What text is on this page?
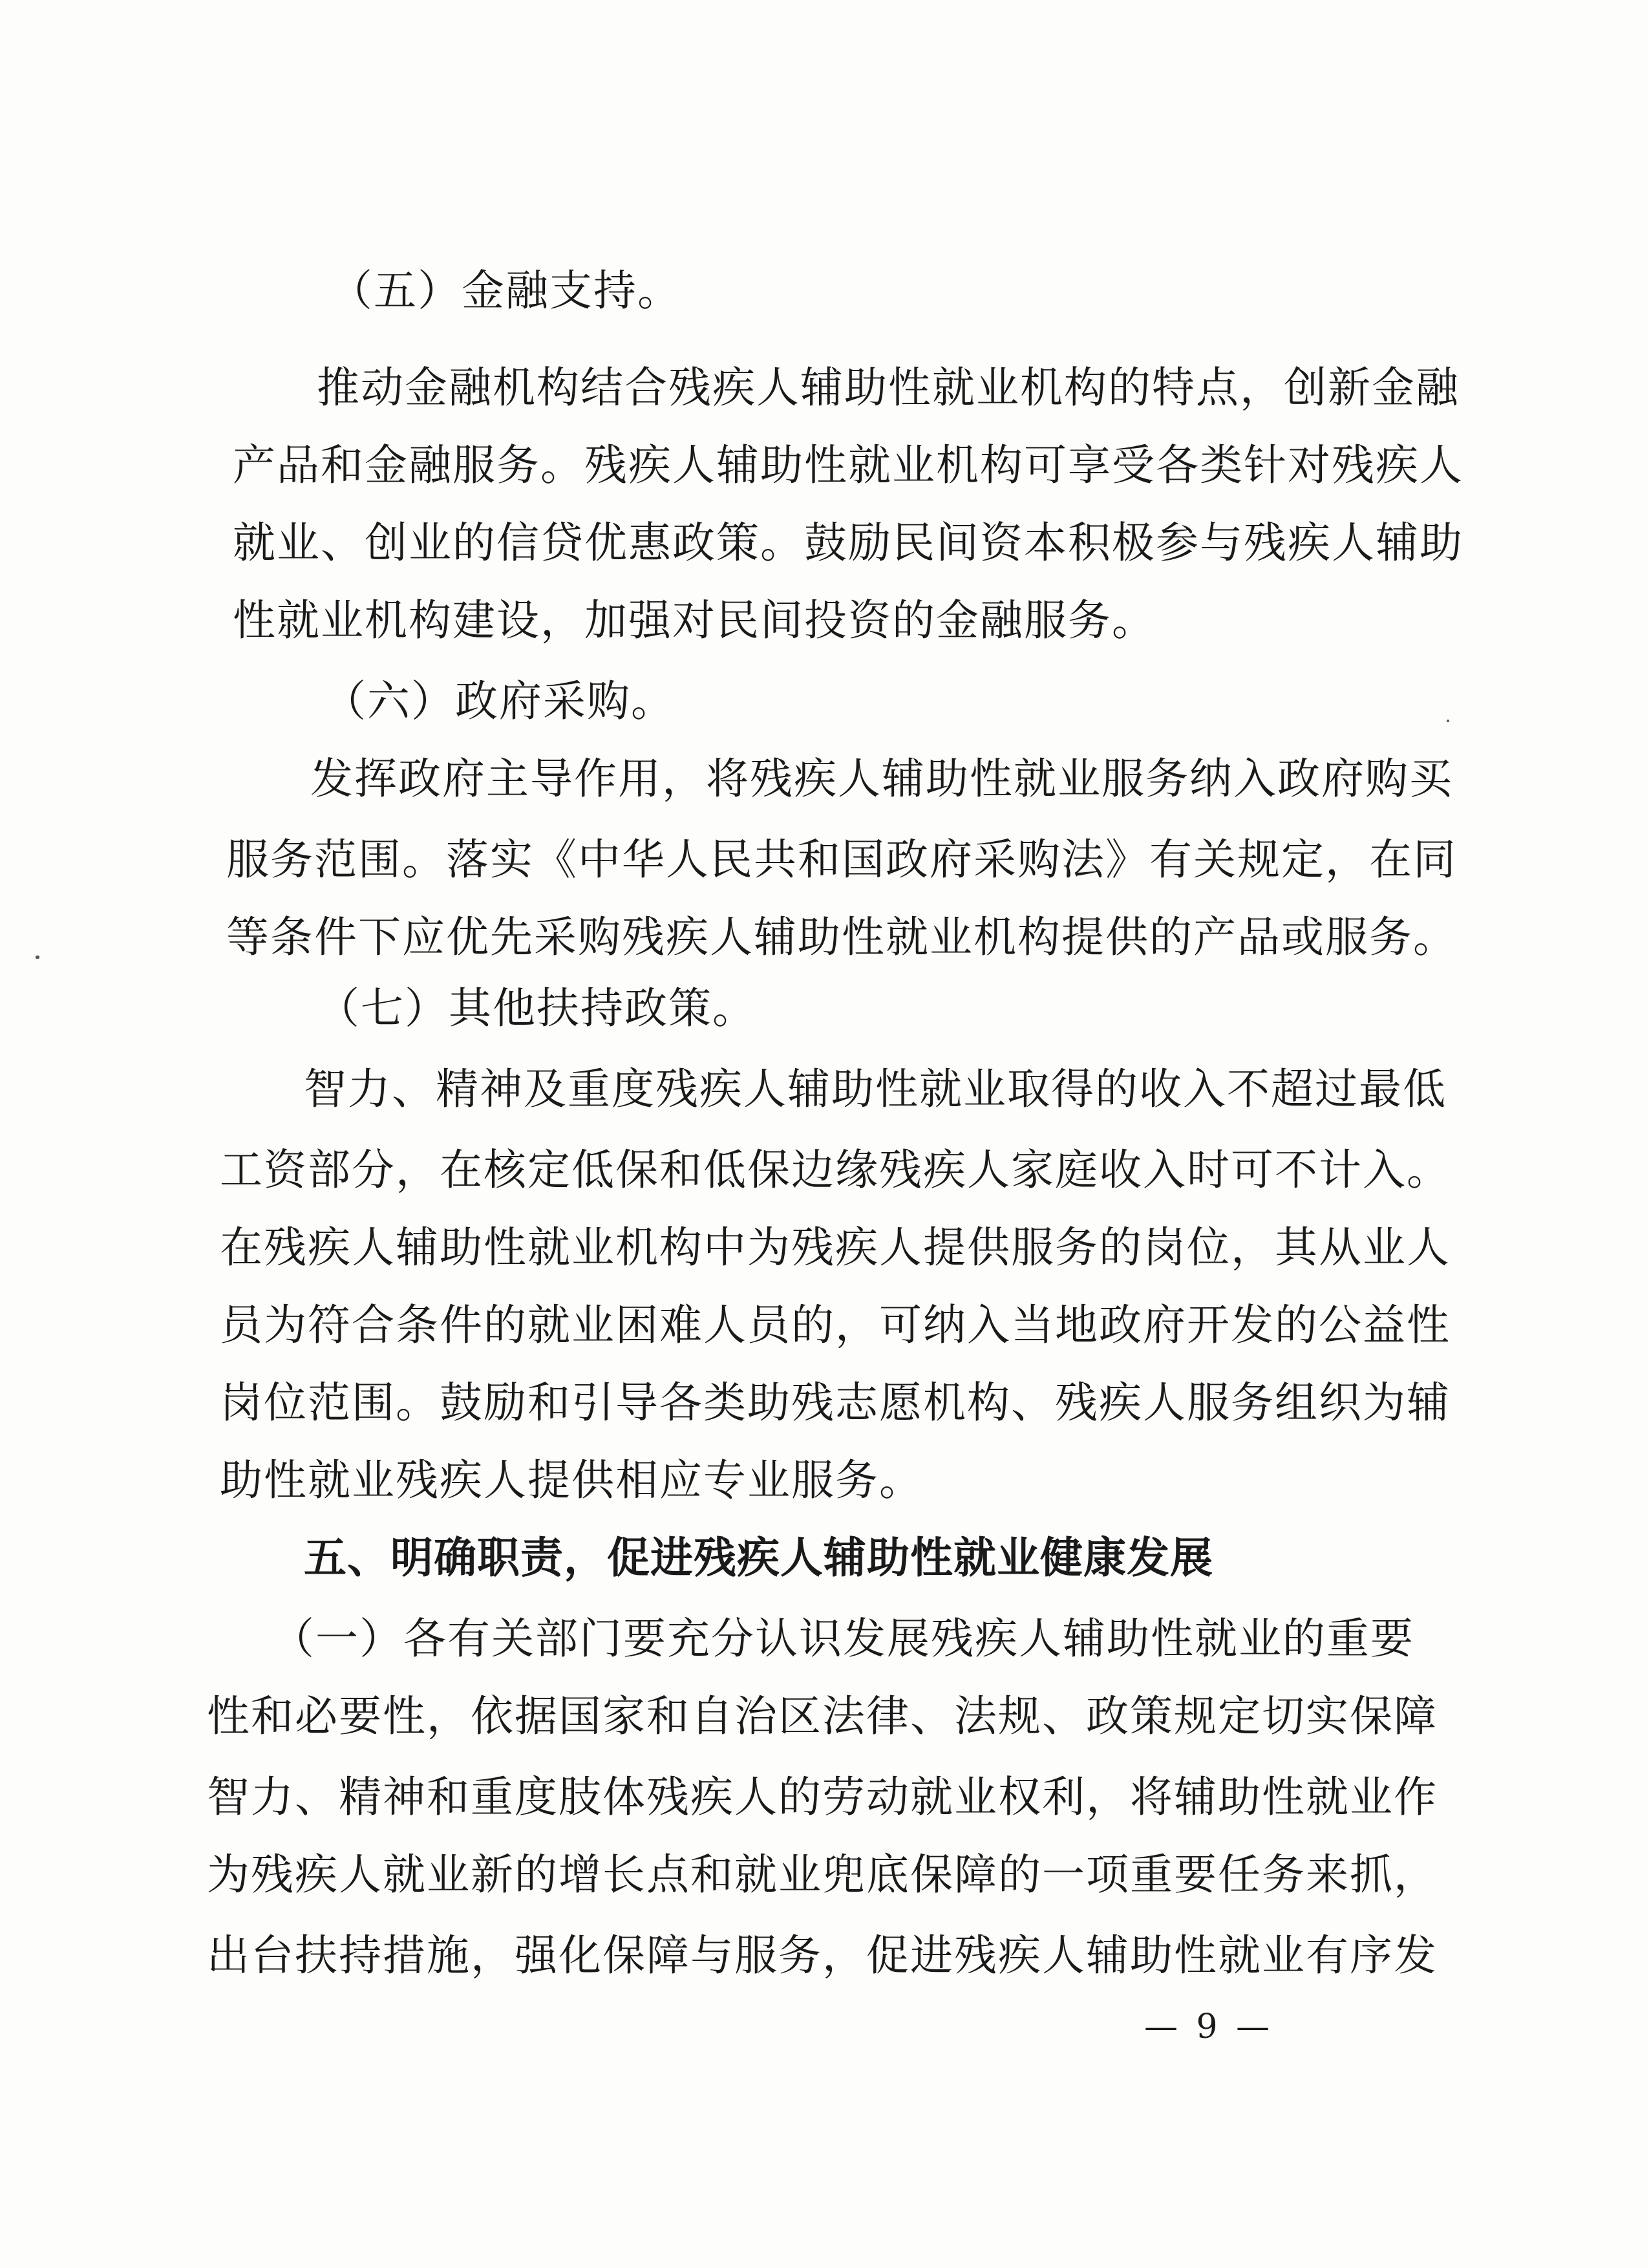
（五）金融支持。
推动金融机构结合残疾人辅助性就业机构的特点，创新金融
产品和金融服务。残疾人辅助性就业机构可享受各类针对残疾人
就业、创业的信贷优惠政策。鼓励民间资本积极参与残疾人辅助
性就业机构建设，加强对民间投资的金融服务。
（六）政府采购。
发挥政府主导作用，将残疾人辅助性就业服务纳入政府购买
服务范围。落实《中华人民共和国政府采购法》有关规定，在同
等条件下应优先采购残疾人辅助性就业机构提供的产品或服务。
（七）其他扶持政策。
智力、精神及重度残疾人辅助性就业取得的收入不超过最低
工资部分，在核定低保和低保边缘残疾人家庭收入时可不计入。
在残疾人辅助性就业机构中为残疾人提供服务的岗位，其从业人
员为符合条件的就业困难人员的，可纳入当地政府开发的公益性
岗位范围。鼓励和引导各类助残志愿机构、残疾人服务组织为辅
助性就业残疾人提供相应专业服务。
五、明确职责，促进残疾人辅助性就业健康发展
（一）各有关部门要充分认识发展残疾人辅助性就业的重要
性和必要性，依据国家和自治区法律、法规、政策规定切实保障
智力、精神和重度肢体残疾人的劳动就业权利，将辅助性就业作
为残疾人就业新的增长点和就业兜底保障的一项重要任务来抓，
出台扶持措施，强化保障与服务，促进残疾人辅助性就业有序发
— 9 —
